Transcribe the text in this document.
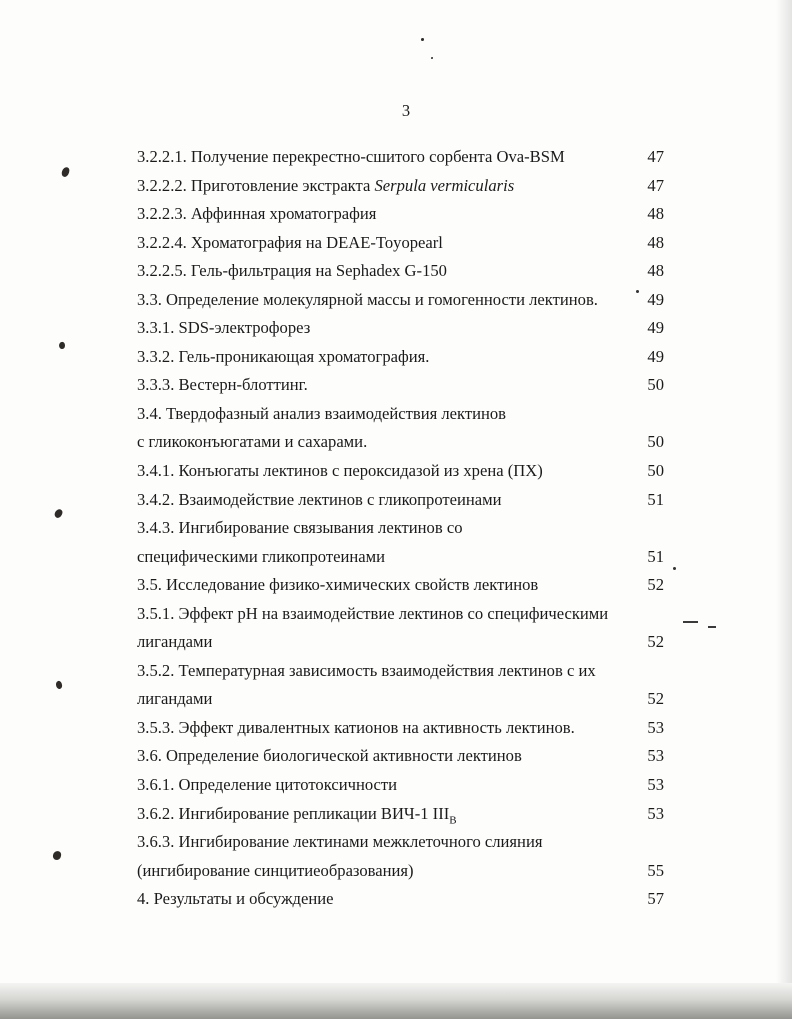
3
3.2.2.1. Получение перекрестно-сшитого сорбента Ova-BSM	47
3.2.2.2. Приготовление экстракта Serpula vermicularis	47
3.2.2.3. Аффинная хроматография	48
3.2.2.4. Хроматография на DEAE-Toyopearl	48
3.2.2.5. Гель-фильтрация на Sephadex G-150	48
3.3. Определение молекулярной массы и гомогенности лектинов.	49
3.3.1. SDS-электрофорез	49
3.3.2. Гель-проникающая хроматография.	49
3.3.3. Вестерн-блоттинг.	50
3.4. Твердофазный анализ взаимодействия лектинов
с гликоконъюгатами и сахарами.	50
3.4.1. Конъюгаты лектинов с пероксидазой из хрена (ПХ)	50
3.4.2. Взаимодействие лектинов с гликопротеинами	51
3.4.3. Ингибирование связывания лектинов со
специфическими гликопротеинами	51
3.5. Исследование физико-химических свойств лектинов	52
3.5.1. Эффект рН на взаимодействие лектинов со специфическими
лигандами	52
3.5.2. Температурная зависимость взаимодействия лектинов с их
лигандами	52
3.5.3. Эффект дивалентных катионов на активность лектинов.	53
3.6. Определение биологической активности лектинов	53
3.6.1. Определение цитотоксичности	53
3.6.2. Ингибирование репликации ВИЧ-1 $III_B$	53
3.6.3. Ингибирование лектинами межклеточного слияния
(ингибирование синцитиеобразования)	55
4. Результаты и обсуждение	57
